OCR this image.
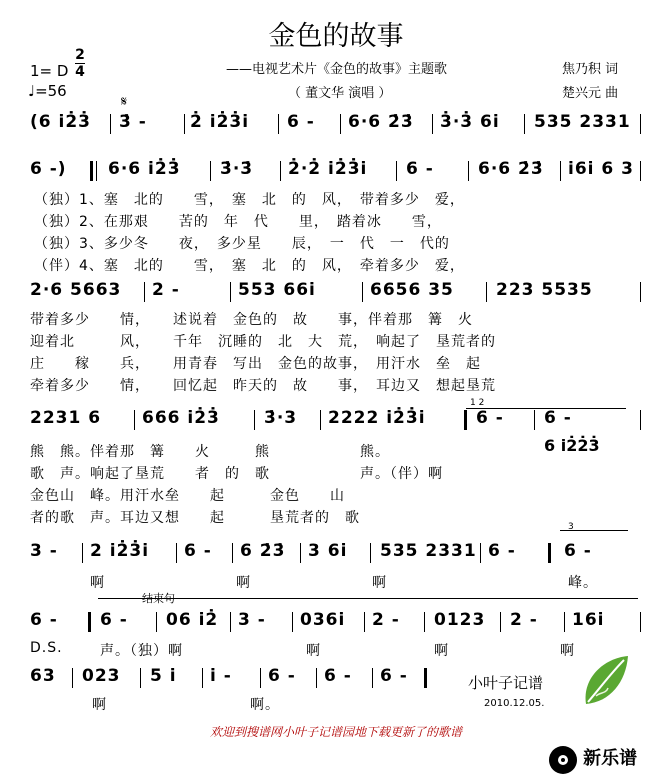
金色的故事
——电视艺术片《金色的故事》主题歌
（ 董文华 演唱 ）
1= D
2
4
♩=56
焦乃积 词
楚兴元 曲
𝄋
(6 i2̇3̇ 3̇ -	2̇ i2̇3̇i 6 - 6·6 2̇3̇ 3̇·3̇ 6i 535 2331
6 -) 6·6 i2̇3̇ 3̇·3̇ 2̇·2̇ i2̇3̇i 6 -	6·6 2̇3̇ i6i 6 3
（独）1、塞　北的　　雪，　塞　北　的　风，　带着多少　爱，
（独）2、在那艰　　苦的　年　代　　里，　踏着冰　　雪，
（独）3、多少冬　　夜，　多少星　　辰，　一　代　一　代的
（伴）4、塞　北的　　雪，　塞　北　的　风，　牵着多少　爱，
2·6 5663 2 -	553 66i	6656 35 223 5535
带着多少　　情，　　述说着　金色的　故　　事，伴着那　篝　火
迎着北　　　风，　　千年　沉睡的　北　大　荒，　响起了　垦荒者的
庄　　稼　　兵，　　用青春　写出　金色的故事，　用汗水　垒　起
牵着多少　　情，　　回忆起　昨天的　故　　事，　耳边又　想起垦荒
1 2
2231 6 666 i2̇3̇	3̇·3 2222 i2̇3̇i	6 - 6 -
6 i2̇2̇3̇
熊　熊。伴着那　篝　　火　　　熊　　　　　　熊。
歌　声。响起了垦荒　　者　的　歌　　　　　　声。（伴）啊
金色山　峰。用汗水垒　　起　　　金色　　山
者的歌　声。耳边又想　　起　　　垦荒者的　歌
3
3 - 2 i2̇3̇i 6 - 6 2̇3̇ 3 6i 535 2331 6 -	6 -
啊	啊	啊	峰。
结束句
6 - 6 - 06 i2̇ 3 - 036i 2 - 0123 2 - 16i
D.S.	声。（独）啊	啊	啊	啊
63 023 5 i i - 6 - 6 - 6 -
啊	啊。
小叶子记谱
2010.12.05.
欢迎到搜谱网小叶子记谱园地下载更新了的歌谱
新乐谱
